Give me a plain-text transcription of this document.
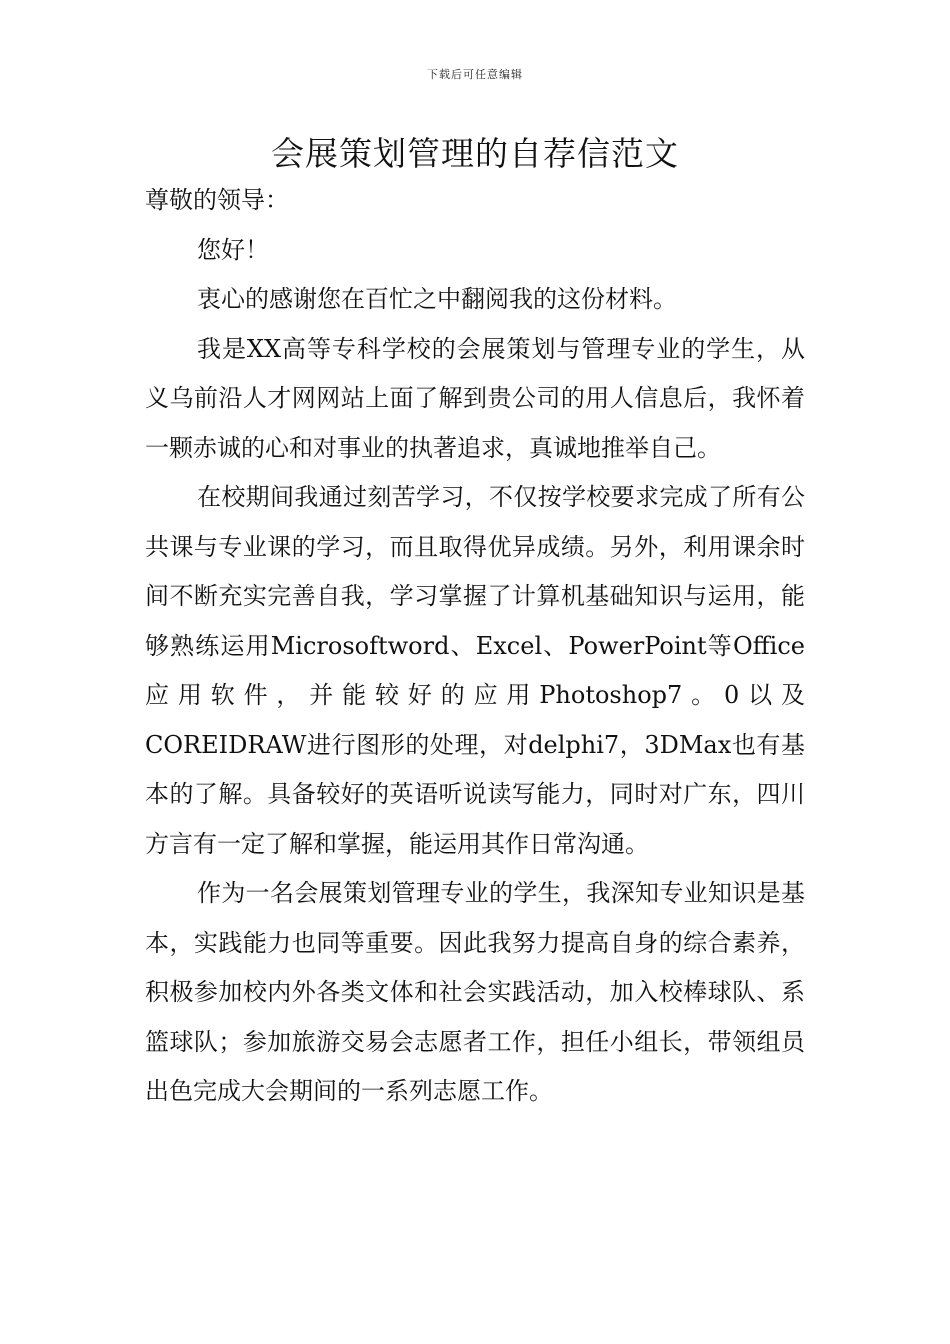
下载后可任意编辑
会展策划管理的自荐信范文

尊敬的领导：

您好！

衷心的感谢您在百忙之中翻阅我的这份材料。

我是XX高等专科学校的会展策划与管理专业的学生，从义乌前沿人才网网站上面了解到贵公司的用人信息后，我怀着一颗赤诚的心和对事业的执著追求，真诚地推举自己。

在校期间我通过刻苦学习，不仅按学校要求完成了所有公共课与专业课的学习，而且取得优异成绩。另外，利用课余时间不断充实完善自我，学习掌握了计算机基础知识与运用，能够熟练运用Microsoftword、Excel、PowerPoint等Office应用软件，并能较好的应用Photoshop7。0以及COREIDRAW进行图形的处理，对delphi7，3DMax也有基本的了解。具备较好的英语听说读写能力，同时对广东，四川方言有一定了解和掌握，能运用其作日常沟通。

作为一名会展策划管理专业的学生，我深知专业知识是基本，实践能力也同等重要。因此我努力提高自身的综合素养，积极参加校内外各类文体和社会实践活动，加入校棒球队、系篮球队；参加旅游交易会志愿者工作，担任小组长，带领组员出色完成大会期间的一系列志愿工作。
